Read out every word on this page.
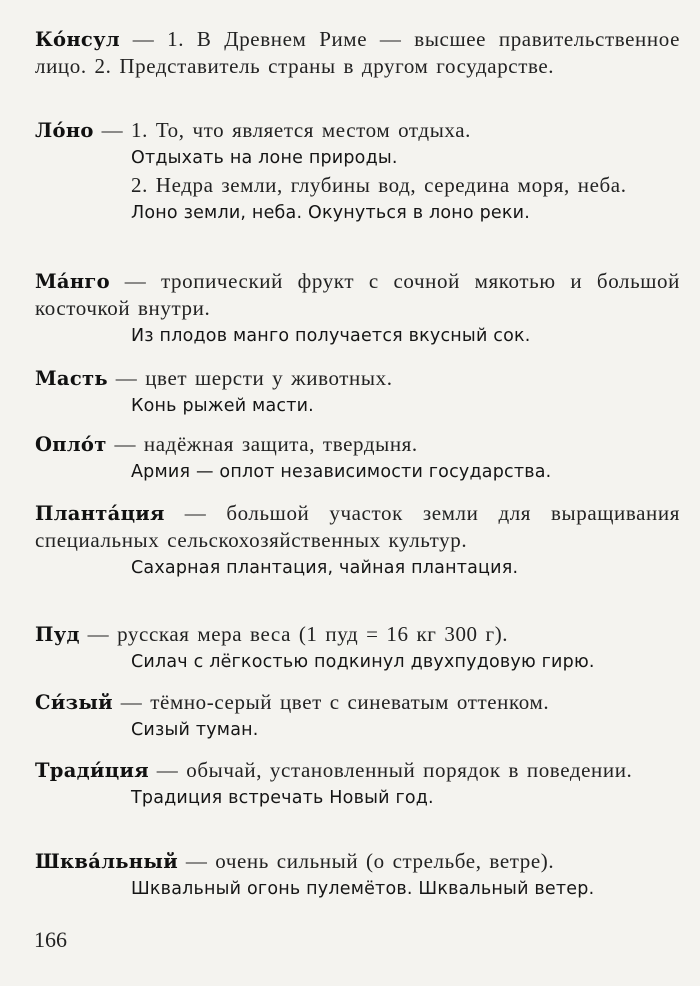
Ко́нсул — 1. В Древнем Риме — высшее правительственное лицо. 2. Представитель страны в другом государстве.
Ло́но — 1. То, что является местом отдыха.
Отдыхать на лоне природы.
2. Недра земли, глубины вод, середина моря, неба.
Лоно земли, неба. Окунуться в лоно реки.
Ма́нго — тропический фрукт с сочной мякотью и большой косточкой внутри.
Из плодов манго получается вкусный сок.
Масть — цвет шерсти у животных.
Конь рыжей масти.
Опло́т — надёжная защита, твердыня.
Армия — оплот независимости государства.
Планта́ция — большой участок земли для выращивания специальных сельскохозяйственных культур.
Сахарная плантация, чайная плантация.
Пуд — русская мера веса (1 пуд = 16 кг 300 г).
Силач с лёгкостью подкинул двухпудовую гирю.
Си́зый — тёмно-серый цвет с синеватым оттенком.
Сизый туман.
Тради́ция — обычай, установленный порядок в поведении.
Традиция встречать Новый год.
Шква́льный — очень сильный (о стрельбе, ветре).
Шквальный огонь пулемётов. Шквальный ветер.
166
